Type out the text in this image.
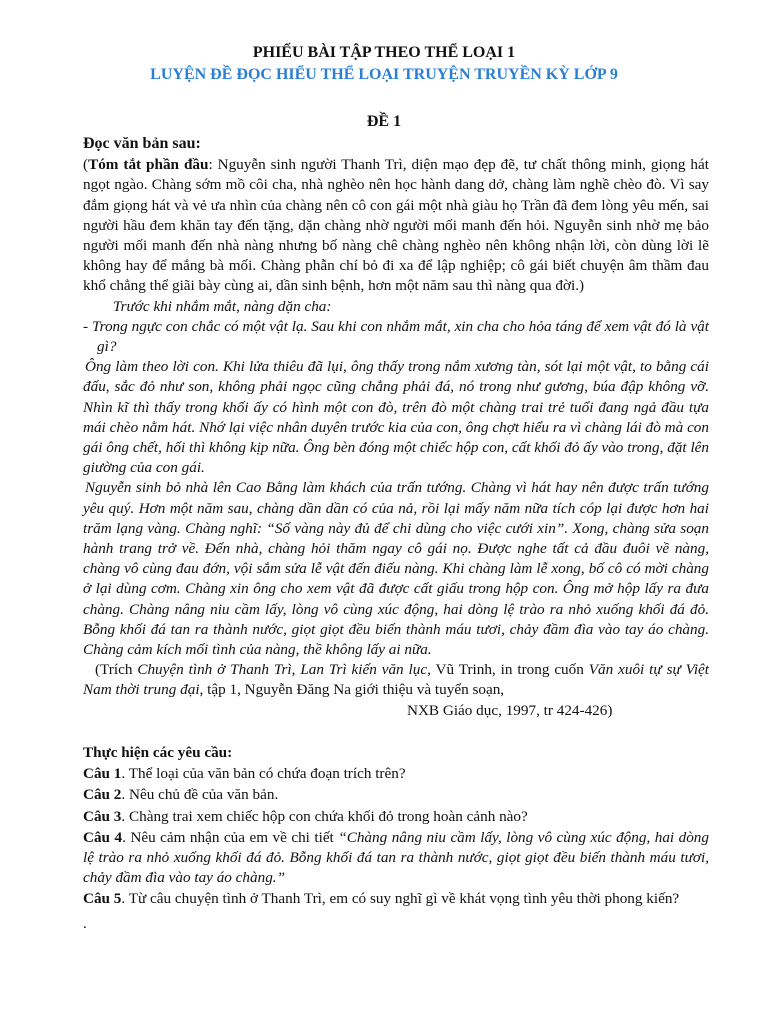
PHIẾU BÀI TẬP THEO THỂ LOẠI 1
LUYỆN ĐỀ ĐỌC HIỂU THỂ LOẠI TRUYỆN TRUYỀN KỲ LỚP 9
ĐỀ 1

Đọc văn bản sau:

(Tóm tắt phần đầu: Nguyễn sinh người Thanh Trì, diện mạo đẹp đẽ, tư chất thông minh, giọng hát ngọt ngào. Chàng sớm mồ côi cha, nhà nghèo nên học hành dang dở, chàng làm nghề chèo đò. Vì say đắm giọng hát và vẻ ưa nhìn của chàng nên cô con gái một nhà giàu họ Trần đã đem lòng yêu mến, sai người hầu đem khăn tay đến tặng, dặn chàng nhờ người mối manh đến hỏi. Nguyễn sinh nhờ mẹ bảo người mối manh đến nhà nàng nhưng bố nàng chê chàng nghèo nên không nhận lời, còn dùng lời lẽ không hay để mắng bà mối. Chàng phẫn chí bỏ đi xa để lập nghiệp; cô gái biết chuyện âm thầm đau khổ chẳng thể giãi bày cùng ai, dần sinh bệnh, hơn một năm sau thì nàng qua đời.)

Trước khi nhắm mắt, nàng dặn cha:

- Trong ngực con chắc có một vật lạ. Sau khi con nhắm mắt, xin cha cho hỏa táng để xem vật đó là vật gì?

Ông làm theo lời con. Khi lửa thiêu đã lụi, ông thấy trong nắm xương tàn, sót lại một vật, to bằng cái đấu, sắc đỏ như son, không phải ngọc cũng chẳng phải đá, nó trong như gương, búa đập không vỡ. Nhìn kĩ thì thấy trong khối ấy có hình một con đò, trên đò một chàng trai trẻ tuổi đang ngả đầu tựa mái chèo nằm hát. Nhớ lại việc nhân duyên trước kia của con, ông chợt hiểu ra vì chàng lái đò mà con gái ông chết, hối thì không kịp nữa. Ông bèn đóng một chiếc hộp con, cất khối đỏ ấy vào trong, đặt lên giường của con gái.

Nguyễn sinh bỏ nhà lên Cao Bằng làm khách của trấn tướng. Chàng vì hát hay nên được trấn tướng yêu quý. Hơn một năm sau, chàng dần dần có của nả, rồi lại mấy năm nữa tích cóp lại được hơn hai trăm lạng vàng. Chàng nghĩ: “Số vàng này đủ để chi dùng cho việc cưới xin”. Xong, chàng sửa soạn hành trang trở về. Đến nhà, chàng hỏi thăm ngay cô gái nọ. Được nghe tất cả đầu đuôi về nàng, chàng vô cùng đau đớn, vội sắm sửa lễ vật đến điếu nàng. Khi chàng làm lễ xong, bố cô có mời chàng ở lại dùng cơm. Chàng xin ông cho xem vật đã được cất giấu trong hộp con. Ông mở hộp lấy ra đưa chàng. Chàng nâng niu cầm lấy, lòng vô cùng xúc động, hai dòng lệ trào ra nhỏ xuống khối đá đỏ. Bỗng khối đá tan ra thành nước, giọt giọt đều biến thành máu tươi, chảy đầm đìa vào tay áo chàng. Chàng cảm kích mối tình của nàng, thề không lấy ai nữa.

(Trích Chuyện tình ở Thanh Trì, Lan Trì kiến văn lục, Vũ Trinh, in trong cuốn Văn xuôi tự sự Việt Nam thời trung đại, tập 1, Nguyễn Đăng Na giới thiệu và tuyển soạn,

NXB Giáo dục, 1997, tr 424-426)

Thực hiện các yêu cầu:

Câu 1. Thể loại của văn bản có chứa đoạn trích trên?

Câu 2. Nêu chủ đề của văn bản.

Câu 3. Chàng trai xem chiếc hộp con chứa khối đỏ trong hoàn cảnh nào?

Câu 4. Nêu cảm nhận của em về chi tiết “Chàng nâng niu cầm lấy, lòng vô cùng xúc động, hai dòng lệ trào ra nhỏ xuống khối đá đỏ. Bỗng khối đá tan ra thành nước, giọt giọt đều biến thành máu tươi, chảy đầm đìa vào tay áo chàng.”

Câu 5. Từ câu chuyện tình ở Thanh Trì, em có suy nghĩ gì về khát vọng tình yêu thời phong kiến?

.
